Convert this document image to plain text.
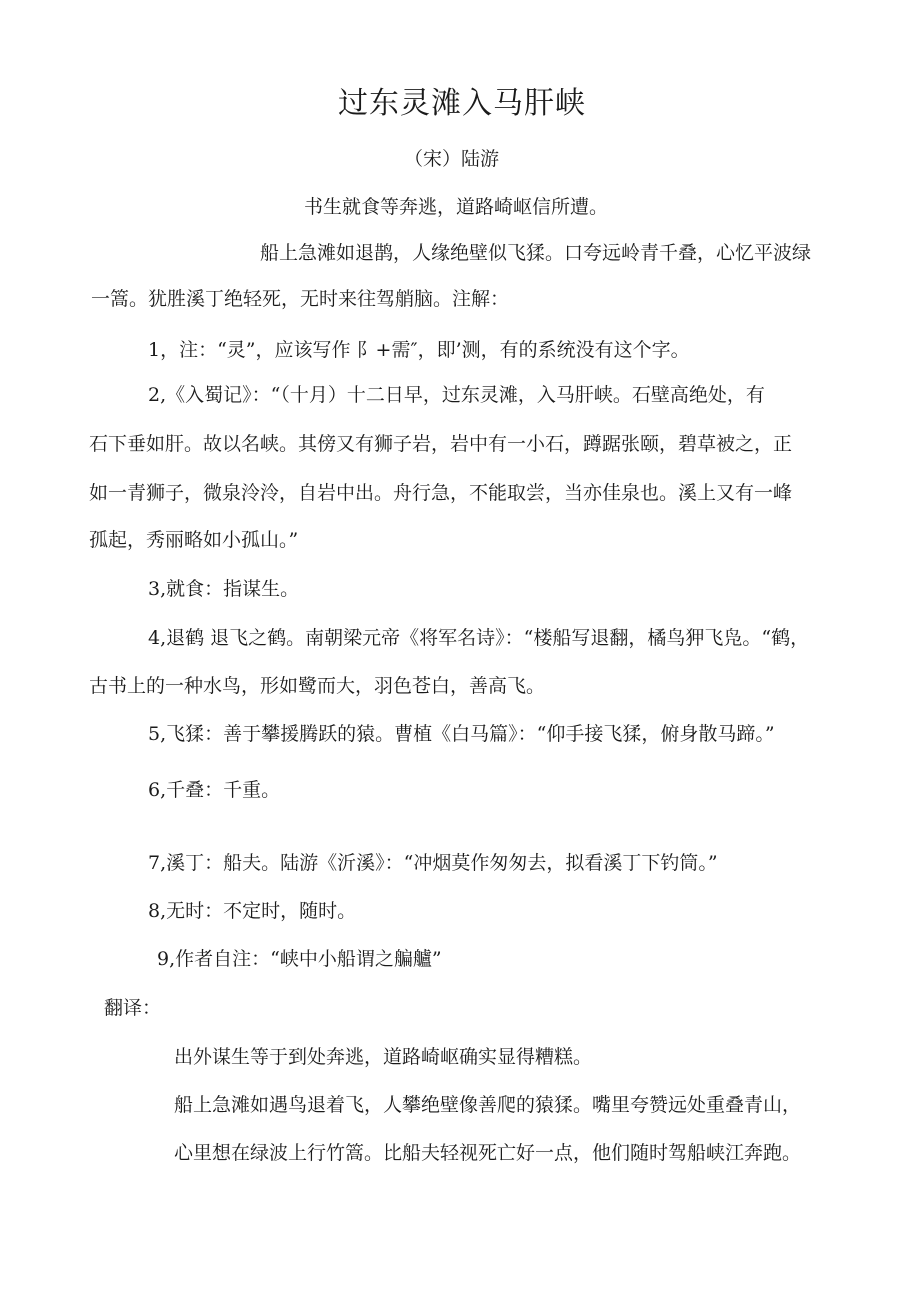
过东灵滩入马肝峡
（宋）陆游
书生就食等奔逃，道路崎岖信所遭。
船上急滩如退鹊，人缘绝壁似飞猱。口夸远岭青千叠，心忆平波绿
一篙。犹胜溪丁绝轻死，无时来往驾艄脑。注解：
1，注：“灵”，应该写作 ⻖+需″，即’测，有的系统没有这个字。
2,《入蜀记》：“（十月）十二日早，过东灵滩，入马肝峡。石壁高绝处，有
石下垂如肝。故以名峡。其傍又有狮子岩，岩中有一小石，蹲踞张颐，碧草被之，正
如一青狮子，微泉泠泠，自岩中出。舟行急，不能取尝，当亦佳泉也。溪上又有一峰
孤起，秀丽略如小孤山。”
3,就食：指谋生。
4,退鹤 退飞之鹤。南朝梁元帝《将军名诗》：“楼船写退翻，橘鸟狎飞凫。“鹤，
古书上的一种水鸟，形如鹭而大，羽色苍白，善高飞。
5,飞猱：善于攀援腾跃的猿。曹植《白马篇》：“仰手接飞猱，俯身散马蹄。”
6,千叠：千重。
7,溪丁：船夫。陆游《沂溪》：“冲烟莫作匆匆去，拟看溪丁下钓筒。”
8,无时：不定时，随时。
9,作者自注：“峡中小船谓之艑艫”
翻译：
出外谋生等于到处奔逃，道路崎岖确实显得糟糕。
船上急滩如遇鸟退着飞，人攀绝壁像善爬的猿猱。嘴里夸赞远处重叠青山，
心里想在绿波上行竹篙。比船夫轻视死亡好一点，他们随时驾船峡江奔跑。
